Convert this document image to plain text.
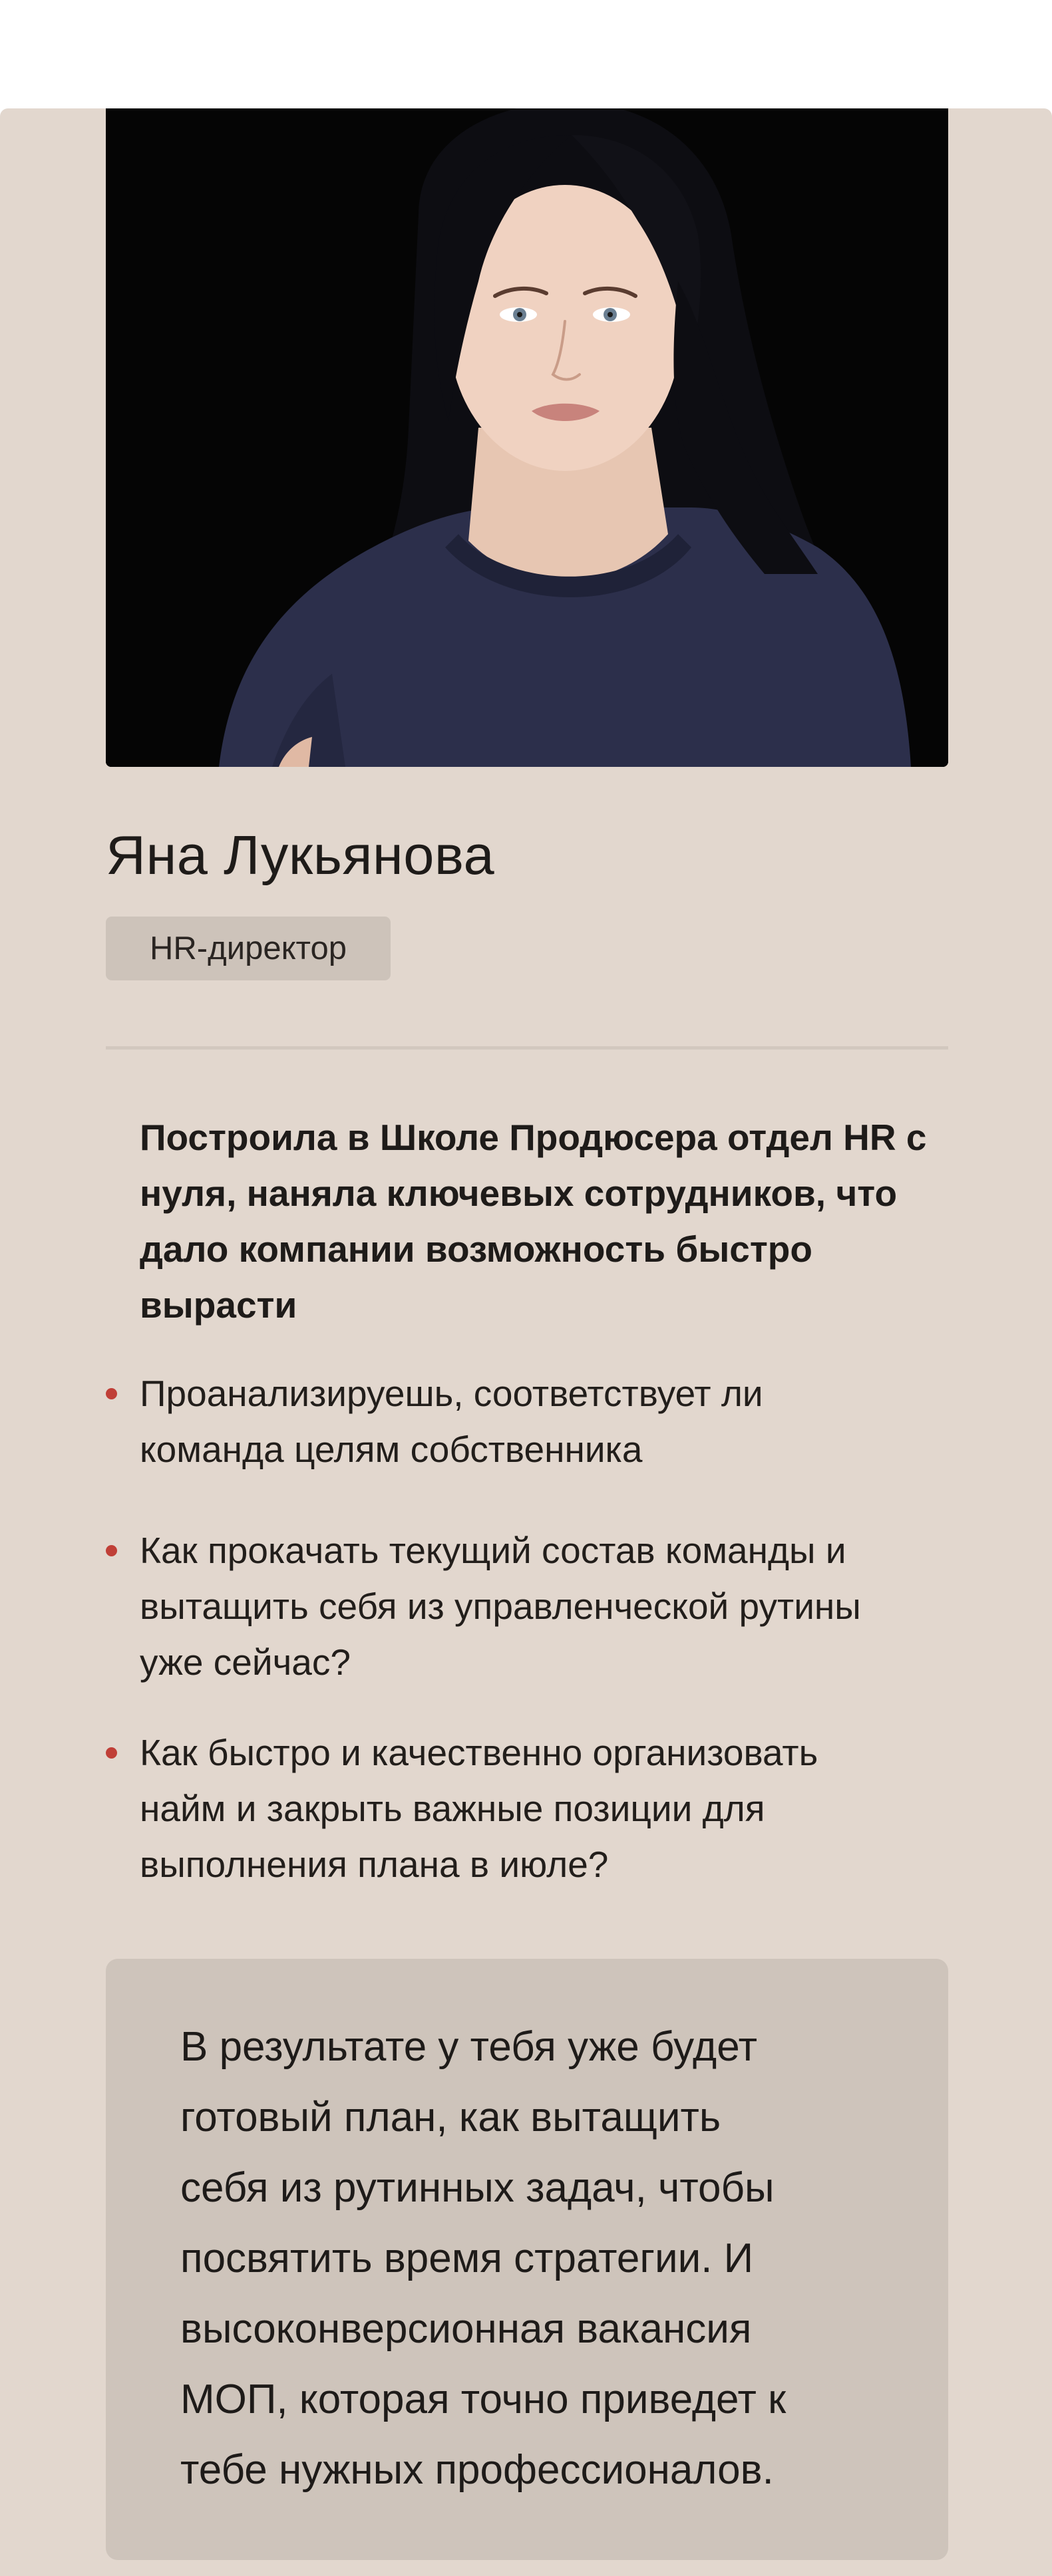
Яна Лукьянова
HR-директор
Построила в Школе Продюсера отдел HR с
нуля, наняла ключевых сотрудников, что
дало компании возможность быстро
вырасти
Проанализируешь, соответствует ли
команда целям собственника
Как прокачать текущий состав команды и
вытащить себя из управленческой рутины
уже сейчас?
Как быстро и качественно организовать
найм и закрыть важные позиции для
выполнения плана в июле?
В результате у тебя уже будет
готовый план, как вытащить
себя из рутинных задач, чтобы
посвятить время стратегии. И
высоконверсионная вакансия
МОП, которая точно приведет к
тебе нужных профессионалов.
